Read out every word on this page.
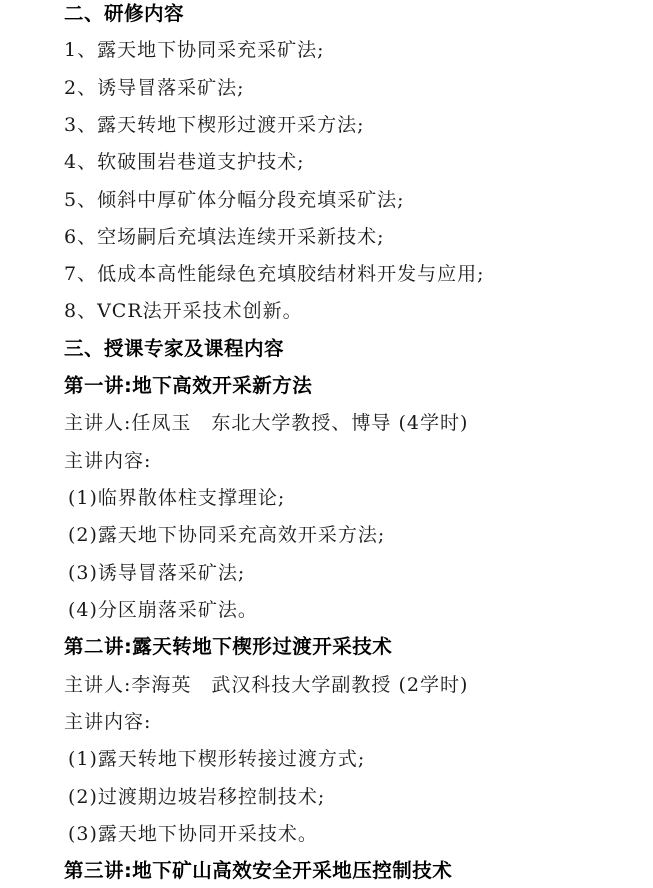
二、研修内容
1、露天地下协同采充采矿法;
2、诱导冒落采矿法;
3、露天转地下楔形过渡开采方法;
4、软破围岩巷道支护技术;
5、倾斜中厚矿体分幅分段充填采矿法;
6、空场嗣后充填法连续开采新技术;
7、低成本高性能绿色充填胶结材料开发与应用;
8、VCR法开采技术创新。
三、授课专家及课程内容
第一讲:地下高效开采新方法
主讲人:任凤玉　东北大学教授、博导 (4学时)
主讲内容:
(1)临界散体柱支撑理论;
(2)露天地下协同采充高效开采方法;
(3)诱导冒落采矿法;
(4)分区崩落采矿法。
第二讲:露天转地下楔形过渡开采技术
主讲人:李海英　武汉科技大学副教授 (2学时)
主讲内容:
(1)露天转地下楔形转接过渡方式;
(2)过渡期边坡岩移控制技术;
(3)露天地下协同开采技术。
第三讲:地下矿山高效安全开采地压控制技术
